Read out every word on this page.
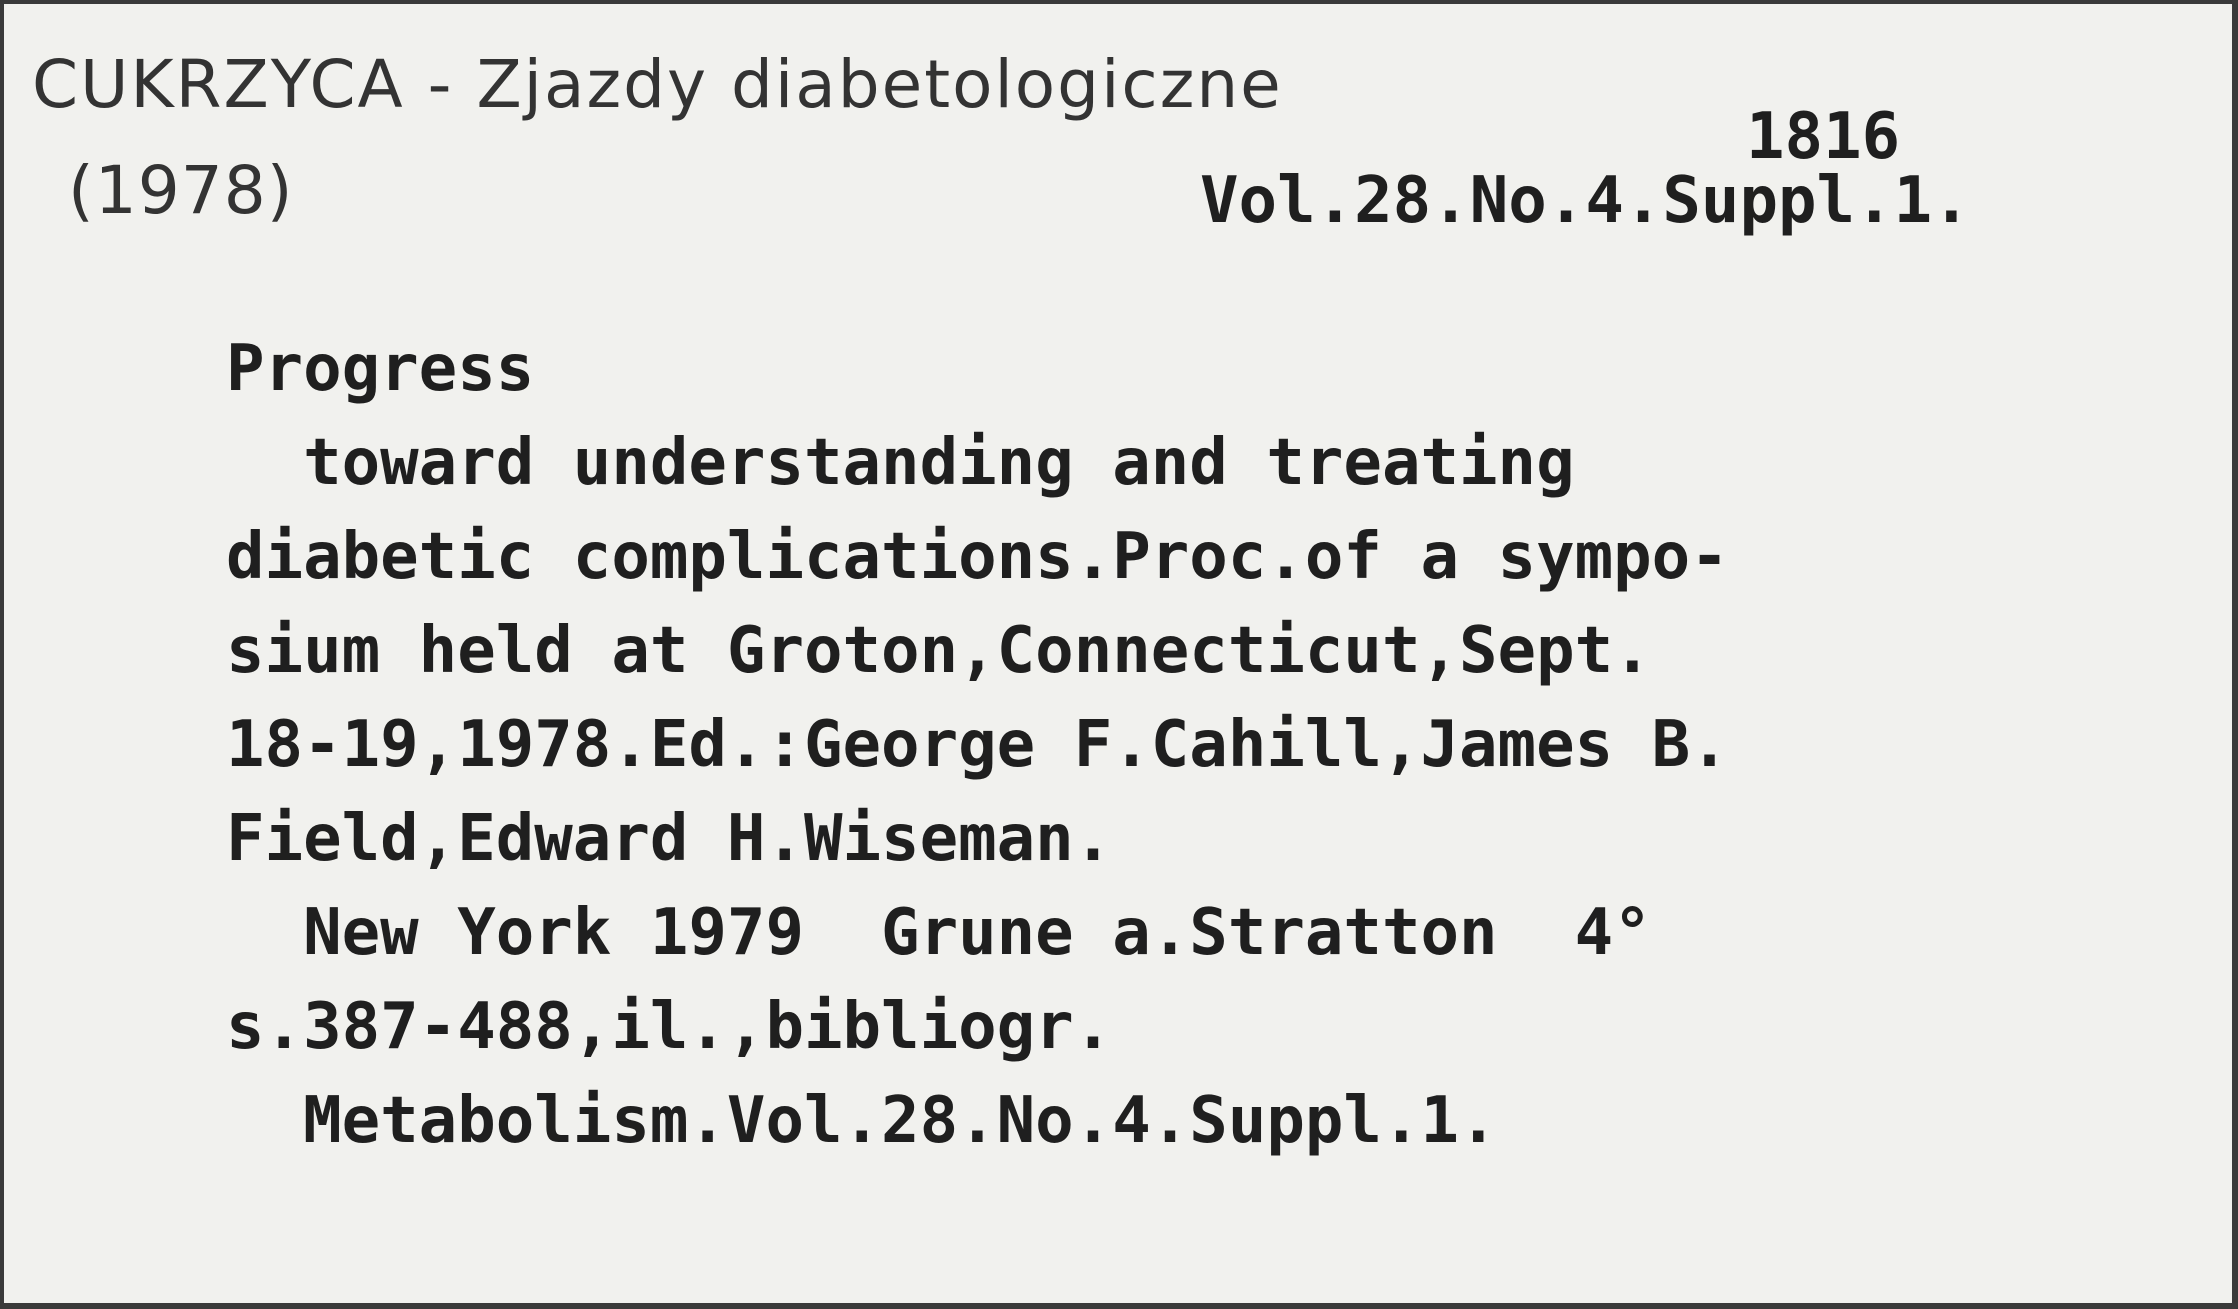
CUKRZYCA - Zjazdy diabetologiczne
(1978)
1816
Vol.28.No.4.Suppl.1.
Progress
toward understanding and treating
diabetic complications.Proc.of a sympo-
sium held at Groton,Connecticut,Sept.
18-19,1978.Ed.:George F.Cahill,James B.
Field,Edward H.Wiseman.
New York 1979  Grune a.Stratton  4°
s.387-488,il.,bibliogr.
Metabolism.Vol.28.No.4.Suppl.1.
